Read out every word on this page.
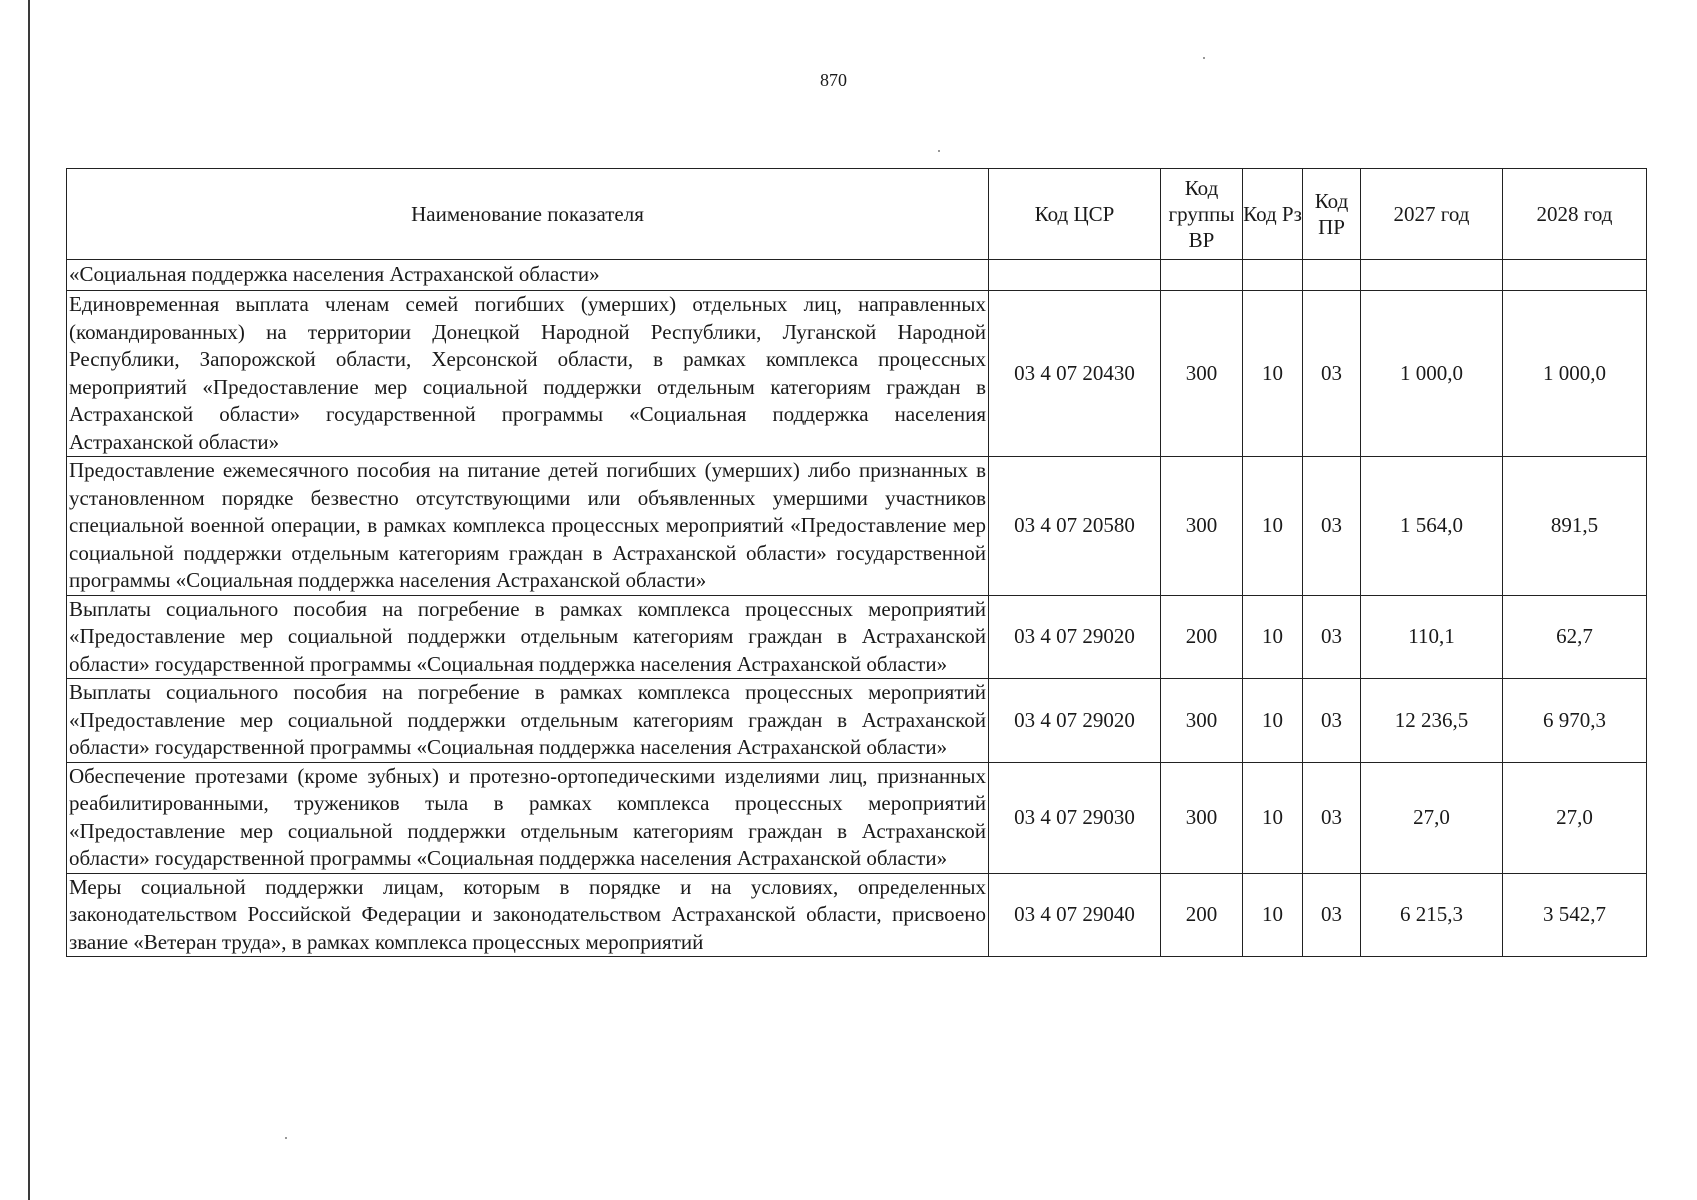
870
Наименование показателя	Код ЦСР	Код группы ВР	Код Рз	Код ПР	2027 год	2028 год
«Социальная поддержка населения Астраханской области»						
Единовременная выплата членам семей погибших (умерших) отдельных лиц, направленных (командированных) на территории Донецкой Народной Республики, Луганской Народной Республики, Запорожской области, Херсонской области, в рамках комплекса процессных мероприятий «Предоставление мер социальной поддержки отдельным категориям граждан в Астраханской области» государственной программы «Социальная поддержка населения Астраханской области»	03 4 07 20430	300	10	03	1 000,0	1 000,0
Предоставление ежемесячного пособия на питание детей погибших (умерших) либо признанных в установленном порядке безвестно отсутствующими или объявленных умершими участников специальной военной операции, в рамках комплекса процессных мероприятий «Предоставление мер социальной поддержки отдельным категориям граждан в Астраханской области» государственной программы «Социальная поддержка населения Астраханской области»	03 4 07 20580	300	10	03	1 564,0	891,5
Выплаты социального пособия на погребение в рамках комплекса процессных мероприятий «Предоставление мер социальной поддержки отдельным категориям граждан в Астраханской области» государственной программы «Социальная поддержка населения Астраханской области»	03 4 07 29020	200	10	03	110,1	62,7
Выплаты социального пособия на погребение в рамках комплекса процессных мероприятий «Предоставление мер социальной поддержки отдельным категориям граждан в Астраханской области» государственной программы «Социальная поддержка населения Астраханской области»	03 4 07 29020	300	10	03	12 236,5	6 970,3
Обеспечение протезами (кроме зубных) и протезно-ортопедическими изделиями лиц, признанных реабилитированными, тружеников тыла в рамках комплекса процессных мероприятий «Предоставление мер социальной поддержки отдельным категориям граждан в Астраханской области» государственной программы «Социальная поддержка населения Астраханской области»	03 4 07 29030	300	10	03	27,0	27,0
Меры социальной поддержки лицам, которым в порядке и на условиях, определенных законодательством Российской Федерации и законодательством Астраханской области, присвоено звание «Ветеран труда», в рамках комплекса процессных мероприятий	03 4 07 29040	200	10	03	6 215,3	3 542,7
